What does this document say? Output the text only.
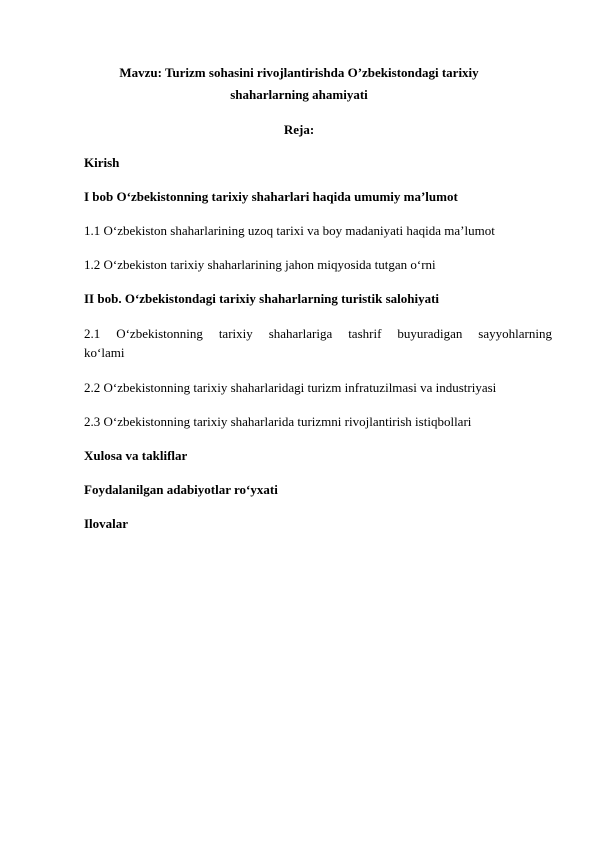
Mavzu: Turizm sohasini rivojlantirishda O’zbekistondagi tarixiy
shaharlarning ahamiyati
Reja:
Kirish
I bob O‘zbekistonning tarixiy shaharlari haqida umumiy ma’lumot
1.1 O‘zbekiston shaharlarining uzoq tarixi va boy madaniyati haqida ma’lumot
1.2 O‘zbekiston tarixiy shaharlarining jahon miqyosida tutgan o‘rni
II bob. O‘zbekistondagi tarixiy shaharlarning turistik salohiyati
2.1 O‘zbekistonning tarixiy shaharlariga tashrif buyuradigan sayyohlarning
ko‘lami
2.2 O‘zbekistonning tarixiy shaharlaridagi turizm infratuzilmasi va industriyasi
2.3 O‘zbekistonning tarixiy shaharlarida turizmni rivojlantirish istiqbollari
Xulosa va takliflar
Foydalanilgan adabiyotlar ro‘yxati
Ilovalar
